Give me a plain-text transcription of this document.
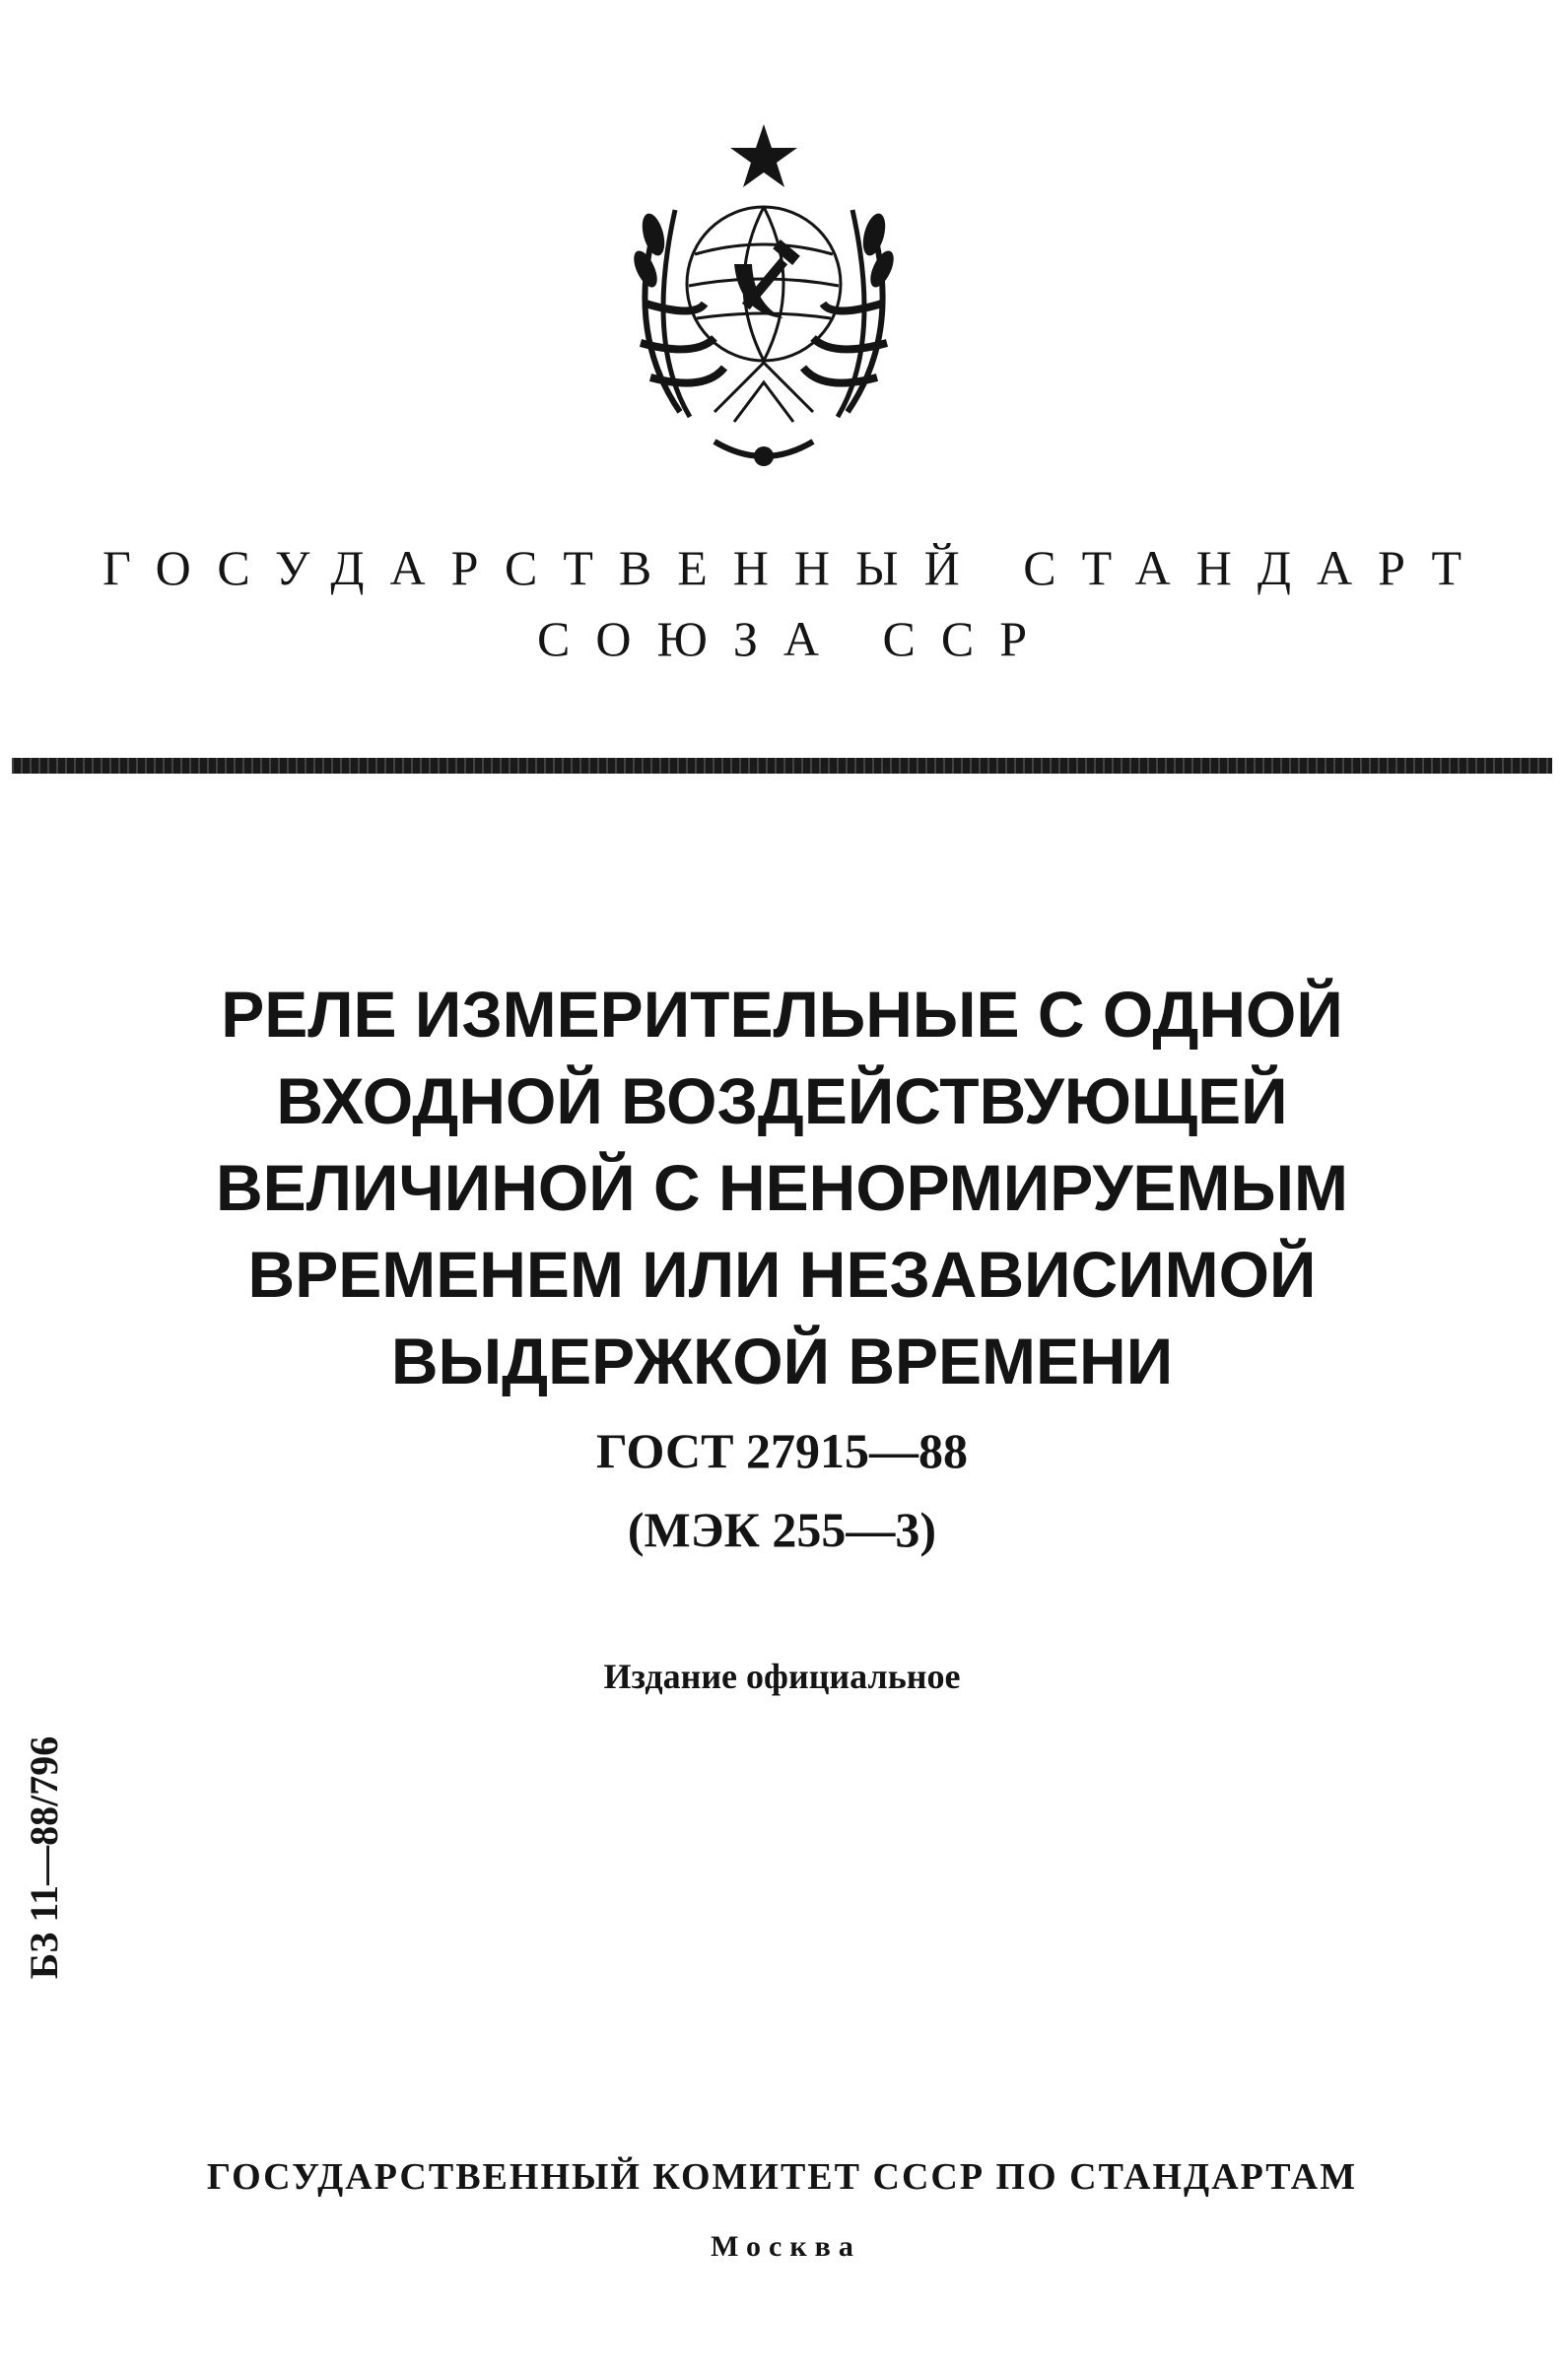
ГОСУДАРСТВЕННЫЙ СТАНДАРТ
СОЮЗА ССР
РЕЛЕ ИЗМЕРИТЕЛЬНЫЕ С ОДНОЙ
ВХОДНОЙ ВОЗДЕЙСТВУЮЩЕЙ
ВЕЛИЧИНОЙ С НЕНОРМИРУЕМЫМ
ВРЕМЕНЕМ ИЛИ НЕЗАВИСИМОЙ
ВЫДЕРЖКОЙ ВРЕМЕНИ
ГОСТ 27915—88
(МЭК 255—3)
Издание официальное
БЗ 11—88/796
ГОСУДАРСТВЕННЫЙ КОМИТЕТ СССР ПО СТАНДАРТАМ
Москва
